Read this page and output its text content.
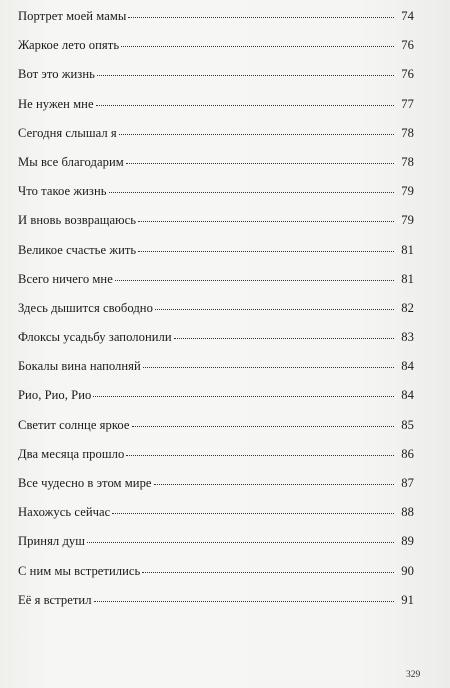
Портрет моей мамы	74
Жаркое лето опять	76
Вот это жизнь	76
Не нужен мне	77
Сегодня слышал я	78
Мы все благодарим	78
Что такое жизнь	79
И вновь возвращаюсь	79
Великое счастье жить	81
Всего ничего мне	81
Здесь дышится свободно	82
Флоксы усадьбу заполонили	83
Бокалы вина наполняй	84
Рио, Рио, Рио	84
Светит солнце яркое	85
Два месяца прошло	86
Все чудесно в этом мире	87
Нахожусь сейчас	88
Принял душ	89
С ним мы встретились	90
Её я встретил	91
329
